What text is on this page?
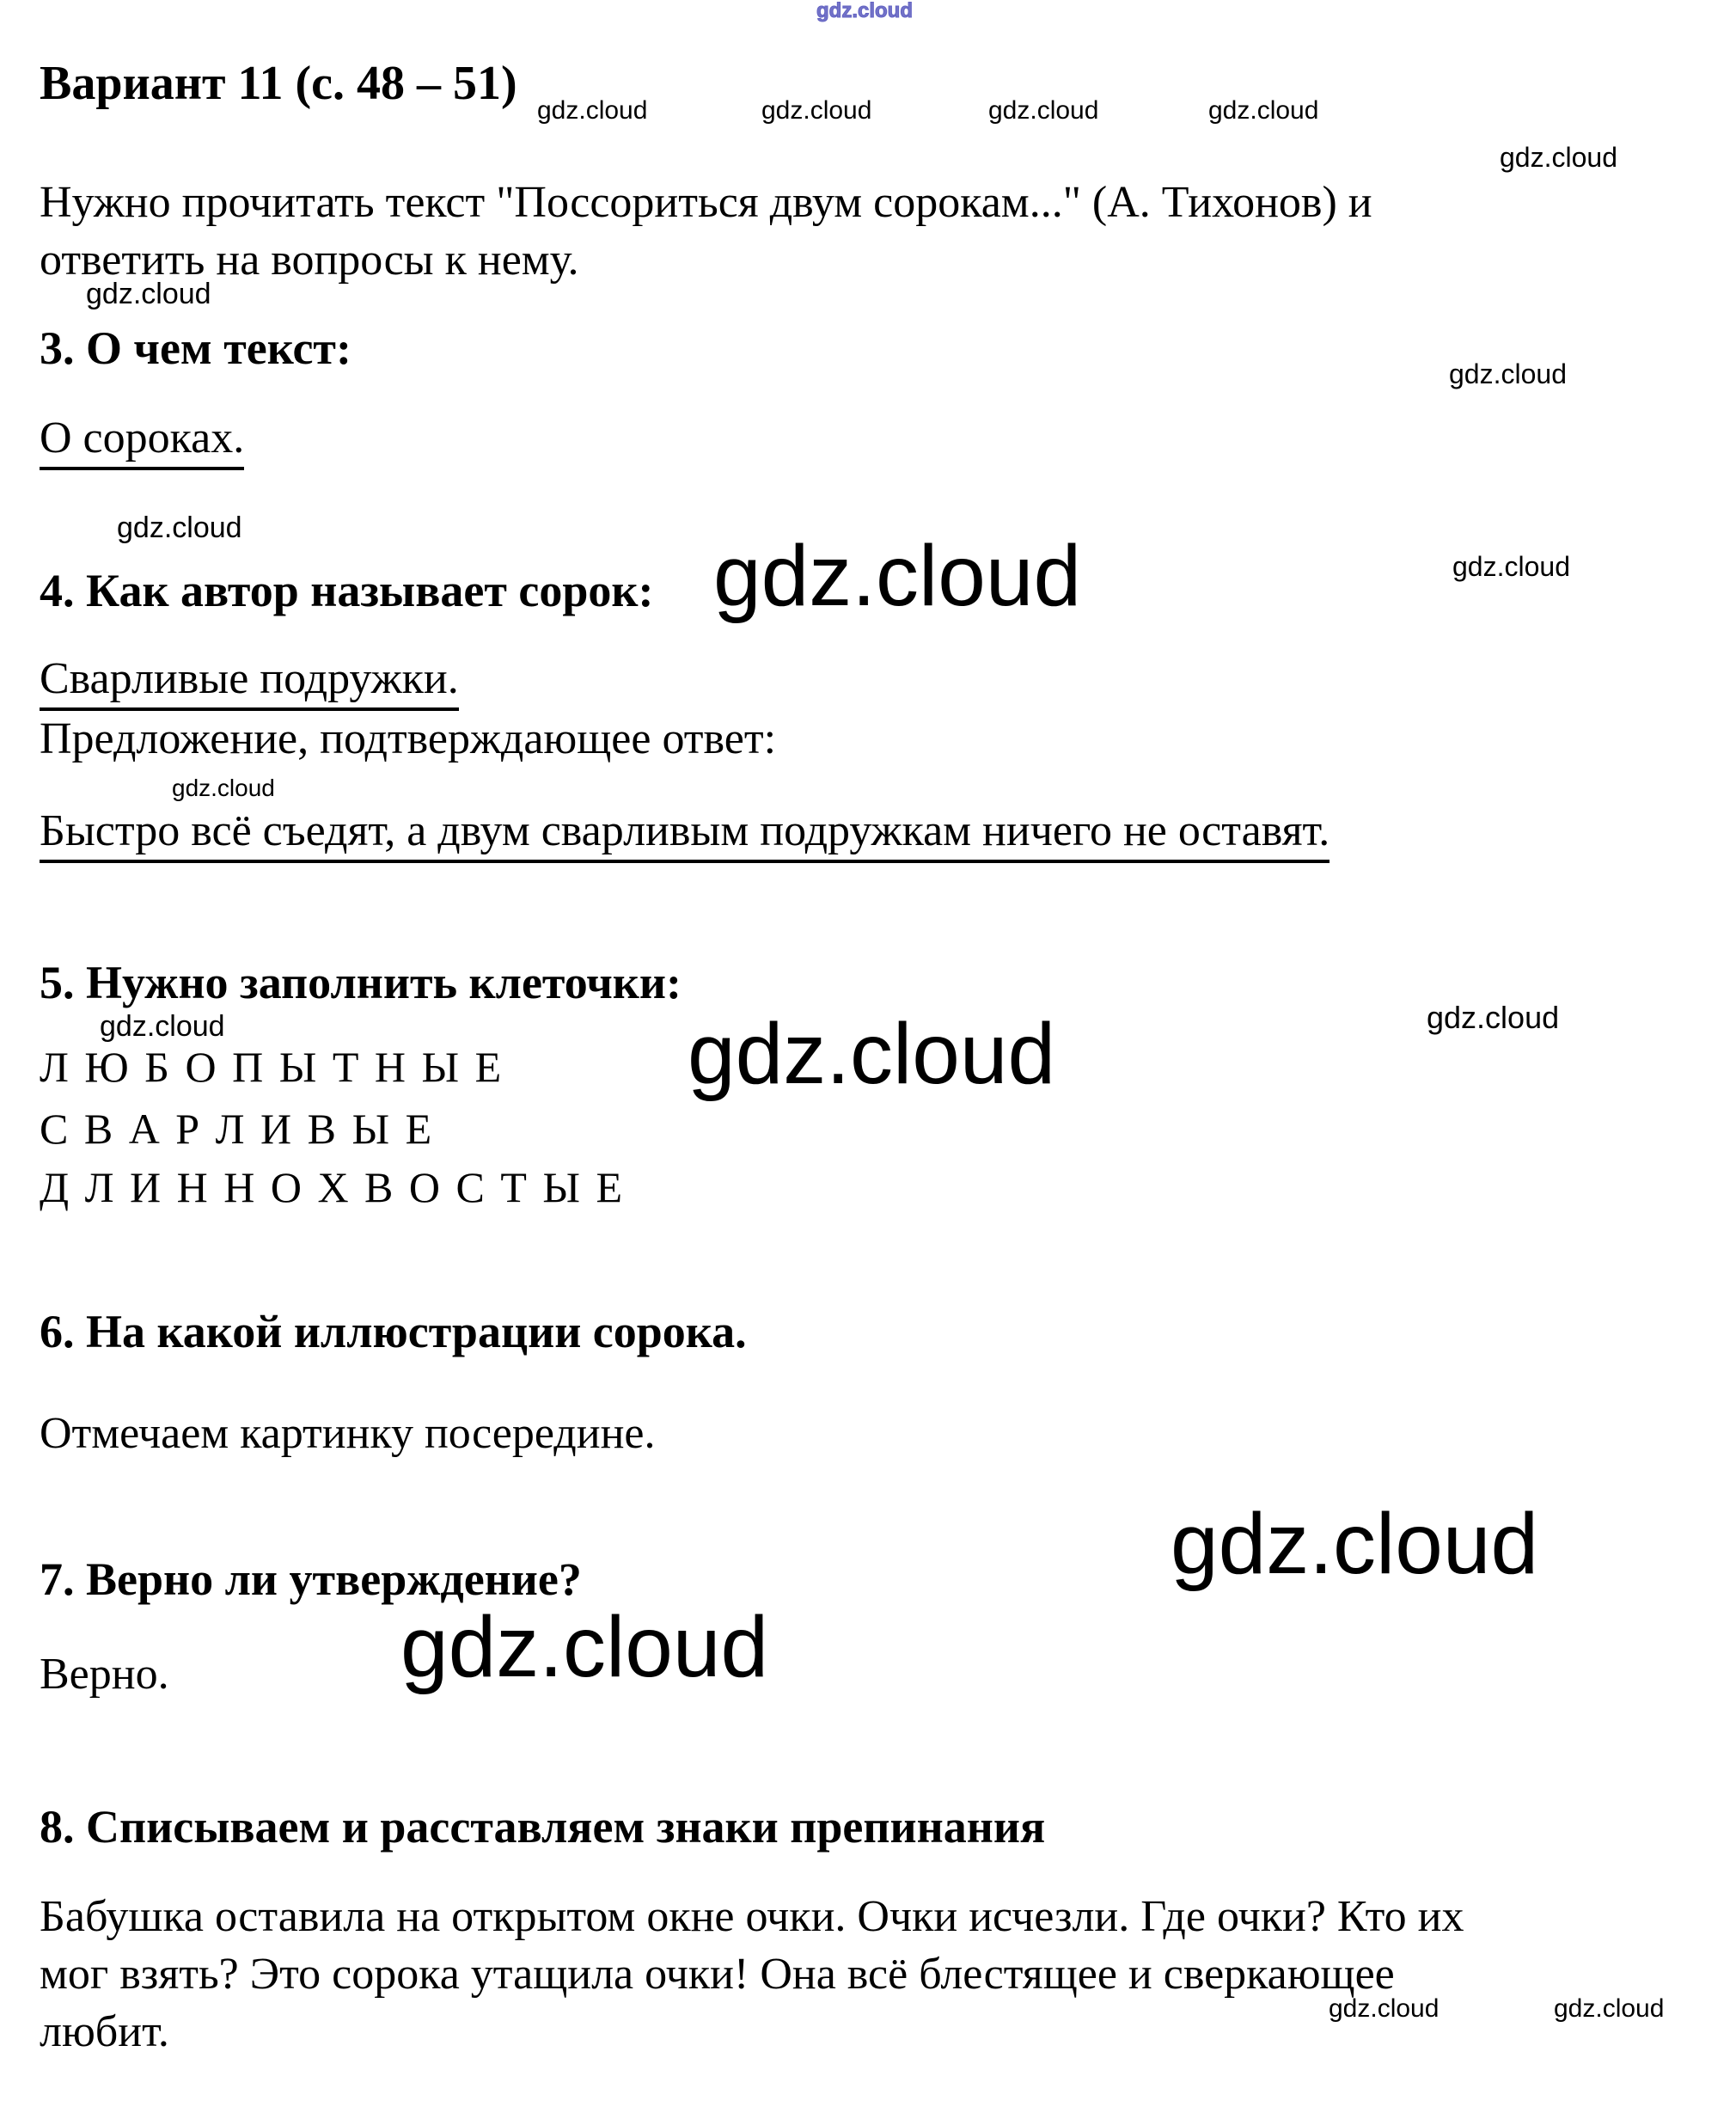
gdz.cloud
Вариант 11 (с. 48 – 51)
gdz.cloud	gdz.cloud	gdz.cloud	gdz.cloud
gdz.cloud
Нужно прочитать текст "Поссориться двум сорокам..." (А. Тихонов) и
ответить на вопросы к нему.
gdz.cloud
3. О чем текст:	gdz.cloud
О сороках.
gdz.cloud
4. Как автор называет сорок: gdz.cloud	gdz.cloud
Сварливые подружки.
Предложение, подтверждающее ответ:
gdz.cloud
Быстро всё съедят, а двум сварливым подружкам ничего не оставят.
5. Нужно заполнить клеточки:
gdz.cloud	gdz.cloud	gdz.cloud
Л Ю Б О П Ы Т Н Ы Е
С В А Р Л И В Ы Е
Д Л И Н Н О Х В О С Т Ы Е
6. На какой иллюстрации сорока.
Отмечаем картинку посередине.
gdz.cloud
7. Верно ли утверждение?
gdz.cloud
Верно.
8. Списываем и расставляем знаки препинания
Бабушка оставила на открытом окне очки. Очки исчезли. Где очки? Кто их
мог взять? Это сорока утащила очки! Она всё блестящее и сверкающее
любит.	gdz.cloud	gdz.cloud
